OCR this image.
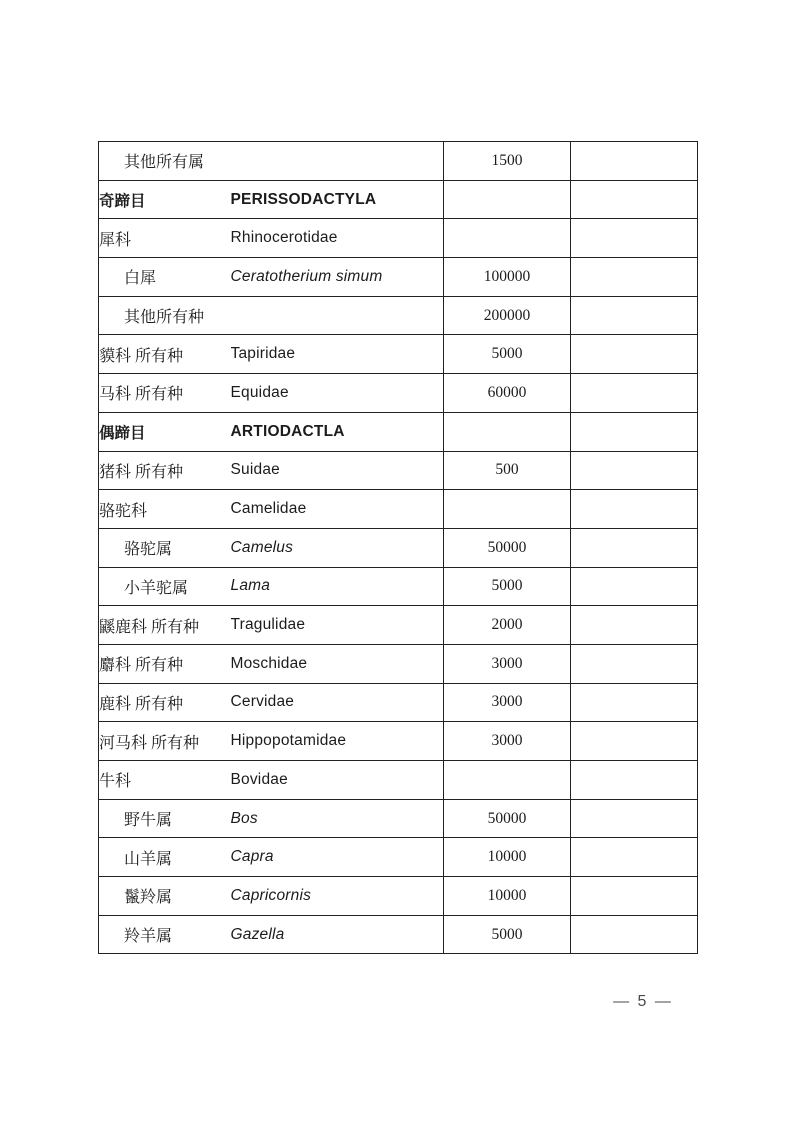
其他所有属		1500	
奇蹄目	PERISSODACTYLA		
犀科	Rhinocerotidae		
白犀	Ceratotherium simum	100000	
其他所有种		200000	
貘科 所有种	Tapiridae	5000	
马科 所有种	Equidae	60000	
偶蹄目	ARTIODACTLA		
猪科 所有种	Suidae	500	
骆驼科	Camelidae		
骆驼属	Camelus	50000	
小羊驼属	Lama	5000	
鼷鹿科 所有种	Tragulidae	2000	
麝科 所有种	Moschidae	3000	
鹿科 所有种	Cervidae	3000	
河马科 所有种	Hippopotamidae	3000	
牛科	Bovidae		
野牛属	Bos	50000	
山羊属	Capra	10000	
鬣羚属	Capricornis	10000	
羚羊属	Gazella	5000	
— 5 —
